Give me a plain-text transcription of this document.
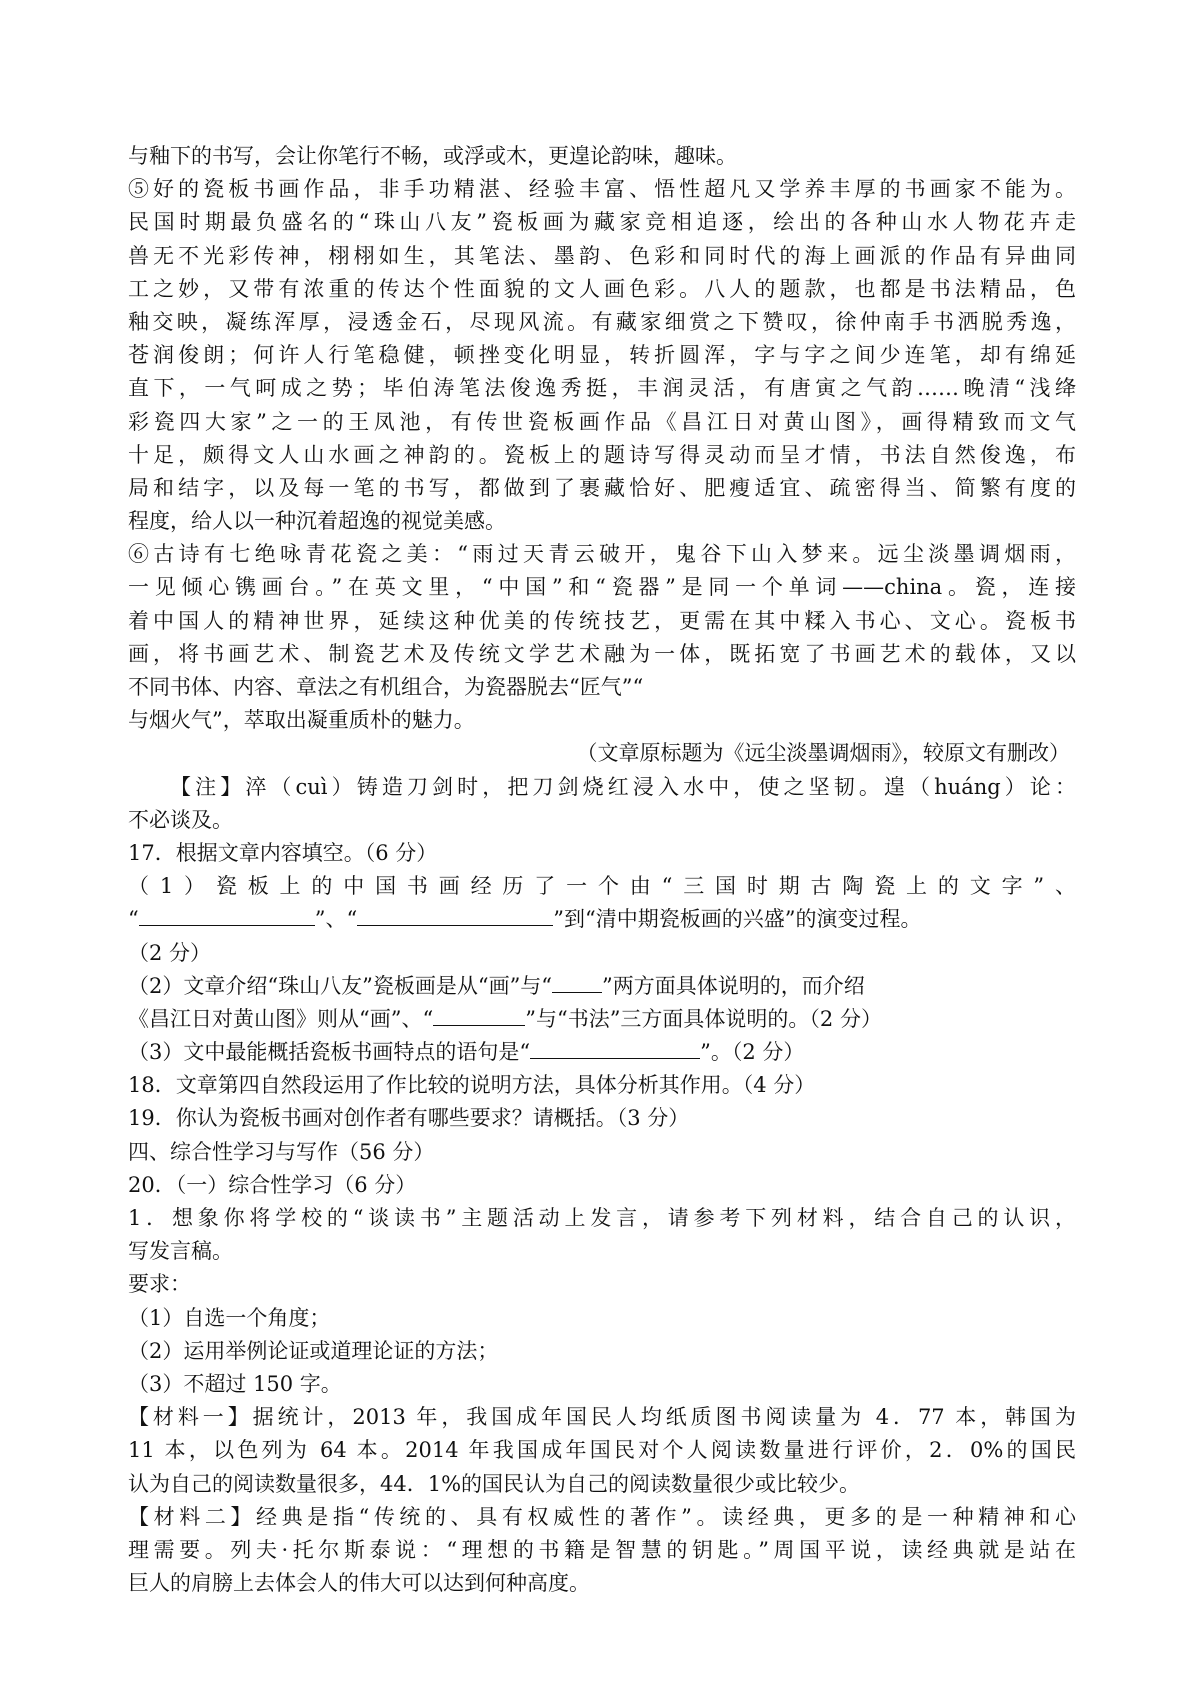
与釉下的书写，会让你笔行不畅，或浮或木，更遑论韵味，趣味。
⑤好的瓷板书画作品，非手功精湛、经验丰富、悟性超凡又学养丰厚的书画家不能为。
民国时期最负盛名的“珠山八友”瓷板画为藏家竞相追逐，绘出的各种山水人物花卉走
兽无不光彩传神，栩栩如生，其笔法、墨韵、色彩和同时代的海上画派的作品有异曲同
工之妙，又带有浓重的传达个性面貌的文人画色彩。八人的题款，也都是书法精品，色
釉交映，凝练浑厚，浸透金石，尽现风流。有藏家细赏之下赞叹，徐仲南手书洒脱秀逸，
苍润俊朗；何许人行笔稳健，顿挫变化明显，转折圆浑，字与字之间少连笔，却有绵延
直下，一气呵成之势；毕伯涛笔法俊逸秀挺，丰润灵活，有唐寅之气韵……晚清“浅绛
彩瓷四大家”之一的王凤池，有传世瓷板画作品《昌江日对黄山图》，画得精致而文气
十足，颇得文人山水画之神韵的。瓷板上的题诗写得灵动而呈才情，书法自然俊逸，布
局和结字，以及每一笔的书写，都做到了裹藏恰好、肥瘦适宜、疏密得当、简繁有度的
程度，给人以一种沉着超逸的视觉美感。
⑥古诗有七绝咏青花瓷之美：“雨过天青云破开，鬼谷下山入梦来。远尘淡墨调烟雨，
一见倾心镌画台。”在英文里，“中国”和“瓷器”是同一个单词——china。瓷，连接
着中国人的精神世界，延续这种优美的传统技艺，更需在其中糅入书心、文心。瓷板书
画，将书画艺术、制瓷艺术及传统文学艺术融为一体，既拓宽了书画艺术的载体，又以
不同书体、内容、章法之有机组合，为瓷器脱去“匠气”“
与烟火气”，萃取出凝重质朴的魅力。
（文章原标题为《远尘淡墨调烟雨》，较原文有删改）
【注】淬（cuì）铸造刀剑时，把刀剑烧红浸入水中，使之坚韧。遑（huáng）论：
不必谈及。
17．根据文章内容填空。（6 分）
（1）瓷板上的中国书画经历了一个由“三国时期古陶瓷上的文字”、
“	”、“	”到“清中期瓷板画的兴盛”的演变过程。
（2 分）
（2）文章介绍“珠山八友”瓷板画是从“画”与“ ”两方面具体说明的，而介绍
《昌江日对黄山图》则从“画”、“	”与“书法”三方面具体说明的。（2 分）
（3）文中最能概括瓷板书画特点的语句是“	”。（2 分）
18．文章第四自然段运用了作比较的说明方法，具体分析其作用。（4 分）
19．你认为瓷板书画对创作者有哪些要求？请概括。（3 分）
四、综合性学习与写作（56 分）
20．（一）综合性学习（6 分）
1．想象你将学校的“谈读书”主题活动上发言，请参考下列材料，结合自己的认识，
写发言稿。
要求：
（1）自选一个角度；
（2）运用举例论证或道理论证的方法；
（3）不超过 150 字。
【材料一】据统计，2013 年，我国成年国民人均纸质图书阅读量为 4．77 本，韩国为
11 本，以色列为 64 本。2014 年我国成年国民对个人阅读数量进行评价，2．0%的国民
认为自己的阅读数量很多，44．1%的国民认为自己的阅读数量很少或比较少。
【材料二】经典是指“传统的、具有权威性的著作”。读经典，更多的是一种精神和心
理需要。列夫·托尔斯泰说：“理想的书籍是智慧的钥匙。”周国平说，读经典就是站在
巨人的肩膀上去体会人的伟大可以达到何种高度。
